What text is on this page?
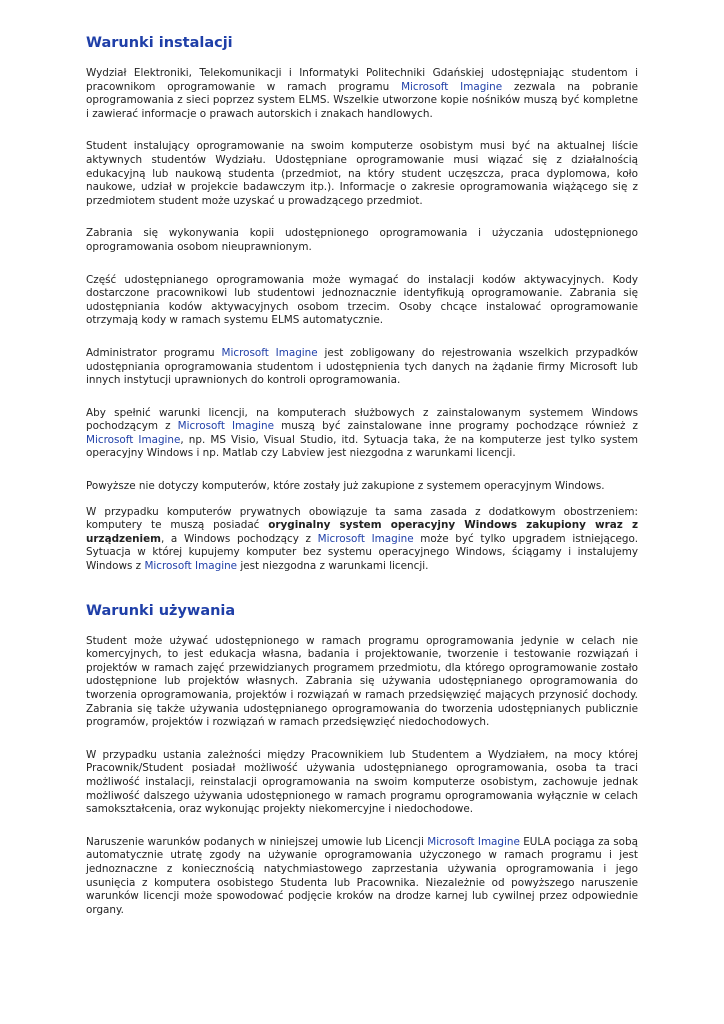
Warunki instalacji

Wydział Elektroniki, Telekomunikacji i Informatyki Politechniki Gdańskiej udostępniając studentom i pracownikom oprogramowanie w ramach programu Microsoft Imagine zezwala na pobranie oprogramowania z sieci poprzez system ELMS. Wszelkie utworzone kopie nośników muszą być kompletne i zawierać informacje o prawach autorskich i znakach handlowych.

Student instalujący oprogramowanie na swoim komputerze osobistym musi być na aktualnej liście aktywnych studentów Wydziału. Udostępniane oprogramowanie musi wiązać się z działalnością edukacyjną lub naukową studenta (przedmiot, na który student uczęszcza, praca dyplomowa, koło naukowe, udział w projekcie badawczym itp.). Informacje o zakresie oprogramowania wiążącego się z przedmiotem student może uzyskać u prowadzącego przedmiot.

Zabrania się wykonywania kopii udostępnionego oprogramowania i użyczania udostępnionego oprogramowania osobom nieuprawnionym.

Część udostępnianego oprogramowania może wymagać do instalacji kodów aktywacyjnych. Kody dostarczone pracownikowi lub studentowi jednoznacznie identyfikują oprogramowanie. Zabrania się udostępniania kodów aktywacyjnych osobom trzecim. Osoby chcące instalować oprogramowanie otrzymają kody w ramach systemu ELMS automatycznie.

Administrator programu Microsoft Imagine jest zobligowany do rejestrowania wszelkich przypadków udostępniania oprogramowania studentom i udostępnienia tych danych na żądanie firmy Microsoft lub innych instytucji uprawnionych do kontroli oprogramowania.

Aby spełnić warunki licencji, na komputerach służbowych z zainstalowanym systemem Windows pochodzącym z Microsoft Imagine muszą być zainstalowane inne programy pochodzące również z Microsoft Imagine, np. MS Visio, Visual Studio, itd. Sytuacja taka, że na komputerze jest tylko system operacyjny Windows i np. Matlab czy Labview jest niezgodna z warunkami licencji.

Powyższe nie dotyczy komputerów, które zostały już zakupione z systemem operacyjnym Windows.

W przypadku komputerów prywatnych obowiązuje ta sama zasada z dodatkowym obostrzeniem: komputery te muszą posiadać oryginalny system operacyjny Windows zakupiony wraz z urządzeniem, a Windows pochodzący z Microsoft Imagine może być tylko upgradem istniejącego. Sytuacja w której kupujemy komputer bez systemu operacyjnego Windows, ściągamy i instalujemy Windows z Microsoft Imagine jest niezgodna z warunkami licencji.

Warunki używania

Student może używać udostępnionego w ramach programu oprogramowania jedynie w celach nie komercyjnych, to jest edukacja własna, badania i projektowanie, tworzenie i testowanie rozwiązań i projektów w ramach zajęć przewidzianych programem przedmiotu, dla którego oprogramowanie zostało udostępnione lub projektów własnych. Zabrania się używania udostępnianego oprogramowania do tworzenia oprogramowania, projektów i rozwiązań w ramach przedsięwzięć mających przynosić dochody. Zabrania się także używania udostępnianego oprogramowania do tworzenia udostępnianych publicznie programów, projektów i rozwiązań w ramach przedsięwzięć niedochodowych.

W przypadku ustania zależności między Pracownikiem lub Studentem a Wydziałem, na mocy której Pracownik/Student posiadał możliwość używania udostępnianego oprogramowania, osoba ta traci możliwość instalacji, reinstalacji oprogramowania na swoim komputerze osobistym, zachowuje jednak możliwość dalszego używania udostępnionego w ramach programu oprogramowania wyłącznie w celach samokształcenia, oraz wykonując projekty niekomercyjne i niedochodowe.

Naruszenie warunków podanych w niniejszej umowie lub Licencji Microsoft Imagine EULA pociąga za sobą automatycznie utratę zgody na używanie oprogramowania użyczonego w ramach programu i jest jednoznaczne z koniecznością natychmiastowego zaprzestania używania oprogramowania i jego usunięcia z komputera osobistego Studenta lub Pracownika. Niezależnie od powyższego naruszenie warunków licencji może spowodować podjęcie kroków na drodze karnej lub cywilnej przez odpowiednie organy.
